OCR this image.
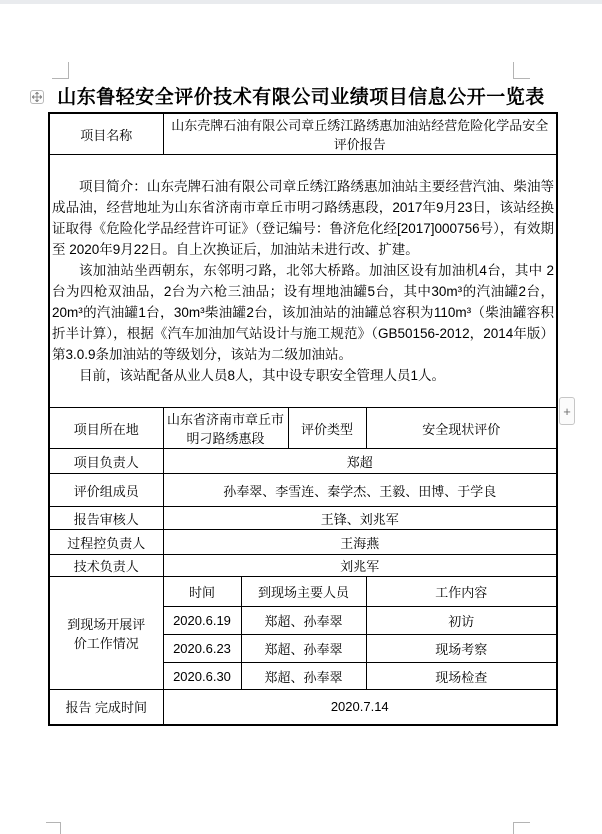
+
山东鲁轻安全评价技术有限公司业绩项目信息公开一览表
项目名称	山东壳牌石油有限公司章丘绣江路绣惠加油站经营危险化学品安全评价报告			

项目简介：山东壳牌石油有限公司章丘绣江路绣惠加油站主要经营汽油、柴油等成品油，经营地址为山东省济南市章丘市明刁路绣惠段，2017年9月23日，该站经换证取得《危险化学品经营许可证》（登记编号：鲁济危化经[2017]000756号），有效期至 2020年9月22日。自上次换证后，加油站未进行改、扩建。

该加油站坐西朝东，东邻明刁路，北邻大桥路。加油区设有加油机4台，其中 2台为四枪双油品，2台为六枪三油品；设有埋地油罐5台，其中30m³的汽油罐2台，20m³的汽油罐1台，30m³柴油罐2台，该加油站的油罐总容积为110m³（柴油罐容积折半计算），根据《汽车加油加气站设计与施工规范》（GB50156-2012，2014年版）第3.0.9条加油站的等级划分，该站为二级加油站。

目前，该站配备从业人员8人，其中设专职安全管理人员1人。				

项目所在地	山东省济南市章丘市明刁路绣惠段		评价类型	安全现状评价
项目负责人	郑超			
评价组成员	孙奉翠、李雪连、秦学杰、王毅、田博、于学良			
报告审核人	王锋、刘兆军			
过程控负责人	王海燕			
技术负责人	刘兆军			
到现场开展评价工作情况	时间	到现场主要人员		工作内容
	2020.6.19	郑超、孙奉翠		初访
	2020.6.23	郑超、孙奉翠		现场考察
	2020.6.30	郑超、孙奉翠		现场检查
报告 完成时间	2020.7.14			
